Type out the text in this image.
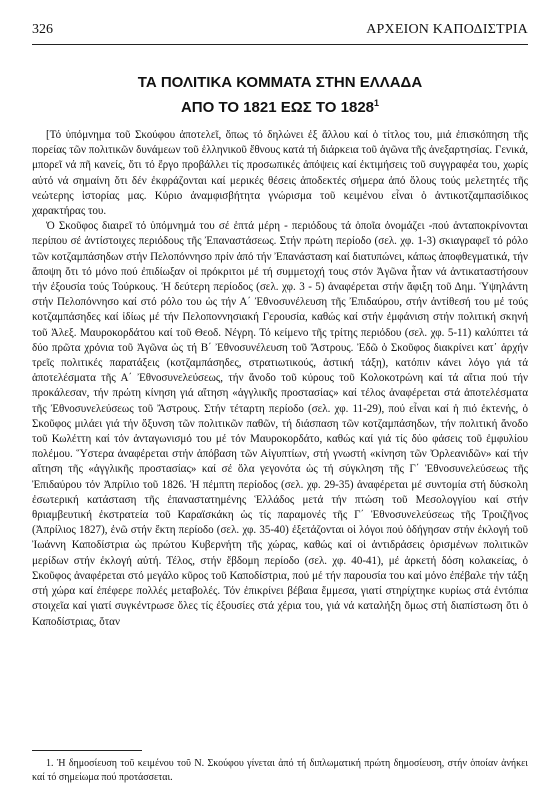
326	ΑΡΧΕΙΟΝ ΚΑΠΟΔΙΣΤΡΙΑ
ΤΑ ΠΟΛΙΤΙΚΑ ΚΟΜΜΑΤΑ ΣΤΗΝ ΕΛΛΑΔΑ
ΑΠΟ ΤΟ 1821 ΕΩΣ ΤΟ 1828$^1$

[Τό ὑπόμνημα τοῦ Σκούφου ἀποτελεῖ, ὅπως τό δηλώνει ἐξ ἄλλου καί ὁ τίτλος του, μιά ἐπισκόπηση τῆς πορείας τῶν πολιτικῶν δυνάμεων τοῦ ἑλληνικοῦ ἔθνους κατά τή διάρκεια τοῦ ἀγῶνα τῆς ἀνεξαρτησίας. Γενικά, μπορεῖ νά πῆ κανείς, ὅτι τό ἔργο προβάλλει τίς προσωπικές ἀπόψεις καί ἐκτιμήσεις τοῦ συγγραφέα του, χωρίς αὐτό νά σημαίνη ὅτι δέν ἐκφράζονται καί μερικές θέσεις ἀποδεκτές σήμερα ἀπό ὅλους τούς μελετητές τῆς νεώτερης ἱστορίας μας. Κύριο ἀναμφισβήτητα γνώρισμα τοῦ κειμένου εἶναι ὁ ἀντικοτζαμπασίδικος χαρακτήρας του.

Ὁ Σκοῦφος διαιρεῖ τό ὑπόμνημά του σέ ἑπτά μέρη - περιόδους τά ὁποῖα ὀνομάζει -πού ἀνταποκρίνονται περίπου σέ ἀντίστοιχες περιόδους τῆς Ἐπαναστάσεως. Στήν πρώτη περίοδο (σελ. χφ. 1-3) σκιαγραφεῖ τό ρόλο τῶν κοτζαμπάσηδων στήν Πελοπόννησο πρίν ἀπό τήν Ἐπανάσταση καί διατυπώνει, κάπως ἀποφθεγματικά, τήν ἄποψη ὅτι τό μόνο πού ἐπιδίωξαν οἱ πρόκριτοι μέ τή συμμετοχή τους στόν Ἀγῶνα ἦταν νά ἀντικαταστήσουν τήν ἐξουσία τούς Τούρκους. Ἡ δεύτερη περίοδος (σελ. χφ. 3 - 5) ἀναφέρεται στήν ἄφιξη τοῦ Δημ. Ὑψηλάντη στήν Πελοπόννησο καί στό ρόλο του ὡς τήν Α΄ Ἐθνοσυνέλευση τῆς Ἐπιδαύρου, στήν ἀντίθεσή του μέ τούς κοτζαμπάσηδες καί ἰδίως μέ τήν Πελοποννησιακή Γερουσία, καθώς καί στήν ἐμφάνιση στήν πολιτική σκηνή τοῦ Ἀλεξ. Μαυροκορδάτου καί τοῦ Θεοδ. Νέγρη. Τό κείμενο τῆς τρίτης περιόδου (σελ. χφ. 5-11) καλύπτει τά δύο πρῶτα χρόνια τοῦ Ἀγῶνα ὡς τή Β΄ Ἐθνοσυνέλευση τοῦ Ἄστρους. Ἐδῶ ὁ Σκοῦφος διακρίνει κατ᾽ ἀρχήν τρεῖς πολιτικές παρατάξεις (κοτζαμπάσηδες, στρατιωτικούς, ἀστική τάξη), κατόπιν κάνει λόγο γιά τά ἀποτελέσματα τῆς Α΄ Ἐθνοσυνελεύσεως, τήν ἄνοδο τοῦ κύρους τοῦ Κολοκοτρώνη καί τά αἴτια πού τήν προκάλεσαν, τήν πρώτη κίνηση γιά αἴτηση «ἀγγλικῆς προστασίας» καί τέλος ἀναφέρεται στά ἀποτελέσματα τῆς Ἐθνοσυνελεύσεως τοῦ Ἄστρους. Στήν τέταρτη περίοδο (σελ. χφ. 11-29), πού εἶναι καί ἡ πιό ἐκτενής, ὁ Σκοῦφος μιλάει γιά τήν ὄξυνση τῶν πολιτικῶν παθῶν, τή διάσπαση τῶν κοτζαμπάσηδων, τήν πολιτική ἄνοδο τοῦ Κωλέττη καί τόν ἀνταγωνισμό του μέ τόν Μαυροκορδάτο, καθώς καί γιά τίς δύο φάσεις τοῦ ἐμφυλίου πολέμου. Ὕστερα ἀναφέρεται στήν ἀπόβαση τῶν Αἰγυπτίων, στή γνωστή «κίνηση τῶν Ὀρλεανιδῶν» καί τήν αἴτηση τῆς «ἀγγλικῆς προστασίας» καί σέ ὅλα γεγονότα ὡς τή σύγκληση τῆς Γ΄ Ἐθνοσυνελεύσεως τῆς Ἐπιδαύρου τόν Ἀπρίλιο τοῦ 1826. Ἡ πέμπτη περίοδος (σελ. χφ. 29-35) ἀναφέρεται μέ συντομία στή δύσκολη ἐσωτερική κατάσταση τῆς ἐπαναστατημένης Ἑλλάδος μετά τήν πτώση τοῦ Μεσολογγίου καί στήν θριαμβευτική ἐκστρατεία τοῦ Καραϊσκάκη ὡς τίς παραμονές τῆς Γ΄ Ἐθνοσυνελεύσεως τῆς Τροιζῆνος (Ἀπρίλιος 1827), ἐνῶ στήν ἕκτη περίοδο (σελ. χφ. 35-40) ἐξετάζονται οἱ λόγοι πού ὁδήγησαν στήν ἐκλογή τοῦ Ἰωάννη Καποδίστρια ὡς πρώτου Κυβερνήτη τῆς χώρας, καθώς καί οἱ ἀντιδράσεις ὁρισμένων πολιτικῶν μερίδων στήν ἐκλογή αὐτή. Τέλος, στήν ἕβδομη περίοδο (σελ. χφ. 40-41), μέ ἀρκετή δόση κολακείας, ὁ Σκοῦφος ἀναφέρεται στό μεγάλο κῦρος τοῦ Καποδίστρια, πού μέ τήν παρουσία του καί μόνο ἐπέβαλε τήν τάξη στή χώρα καί ἐπέφερε πολλές μεταβολές. Τόν ἐπικρίνει βέβαια ἔμμεσα, γιατί στηρίχτηκε κυρίως στά ἐντόπια στοιχεῖα καί γιατί συγκέντρωσε ὅλες τίς ἐξουσίες στά χέρια του, γιά νά καταλήξη ὅμως στή διαπίστωση ὅτι ὁ Καποδίστριας, ὅταν

1. Ἡ δημοσίευση τοῦ κειμένου τοῦ Ν. Σκούφου γίνεται ἀπό τή διπλωματική πρώτη δημοσίευση, στήν ὁποίαν ἀνήκει καί τό σημείωμα πού προτάσσεται.
